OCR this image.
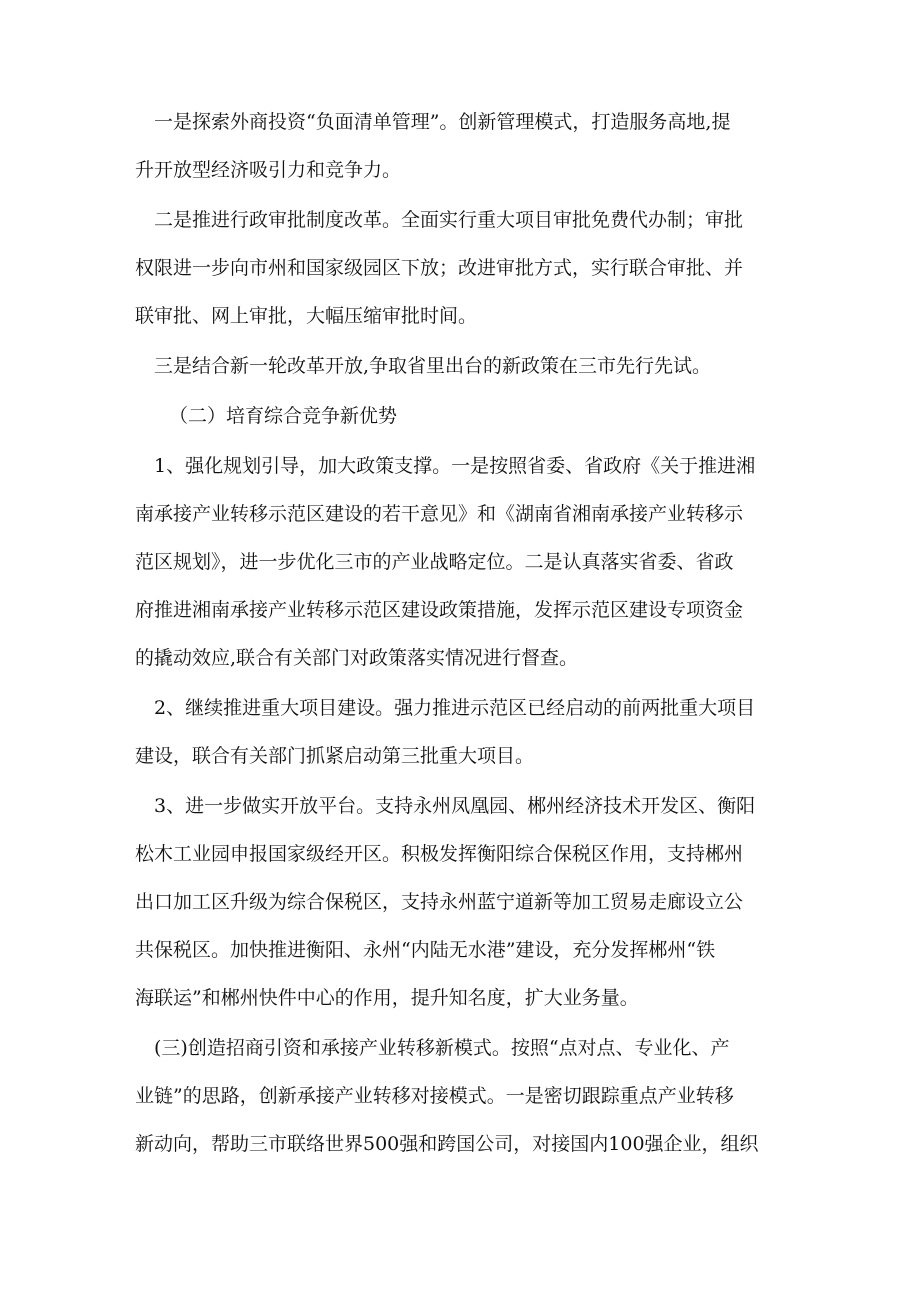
一是探索外商投资“负面清单管理”。创新管理模式，打造服务高地,提
升开放型经济吸引力和竞争力。
二是推进行政审批制度改革。全面实行重大项目审批免费代办制；审批
权限进一步向市州和国家级园区下放；改进审批方式，实行联合审批、并
联审批、网上审批，大幅压缩审批时间。
三是结合新一轮改革开放,争取省里出台的新政策在三市先行先试。
（二）培育综合竞争新优势
1、强化规划引导，加大政策支撑。一是按照省委、省政府《关于推进湘
南承接产业转移示范区建设的若干意见》和《湖南省湘南承接产业转移示
范区规划》，进一步优化三市的产业战略定位。二是认真落实省委、省政
府推进湘南承接产业转移示范区建设政策措施，发挥示范区建设专项资金
的撬动效应,联合有关部门对政策落实情况进行督查。
2、继续推进重大项目建设。强力推进示范区已经启动的前两批重大项目
建设，联合有关部门抓紧启动第三批重大项目。
3、进一步做实开放平台。支持永州凤凰园、郴州经济技术开发区、衡阳
松木工业园申报国家级经开区。积极发挥衡阳综合保税区作用，支持郴州
出口加工区升级为综合保税区，支持永州蓝宁道新等加工贸易走廊设立公
共保税区。加快推进衡阳、永州“内陆无水港”建设，充分发挥郴州“铁
海联运”和郴州快件中心的作用，提升知名度，扩大业务量。
(三)创造招商引资和承接产业转移新模式。按照“点对点、专业化、产
业链”的思路，创新承接产业转移对接模式。一是密切跟踪重点产业转移
新动向，帮助三市联络世界500强和跨国公司，对接国内100强企业，组织
